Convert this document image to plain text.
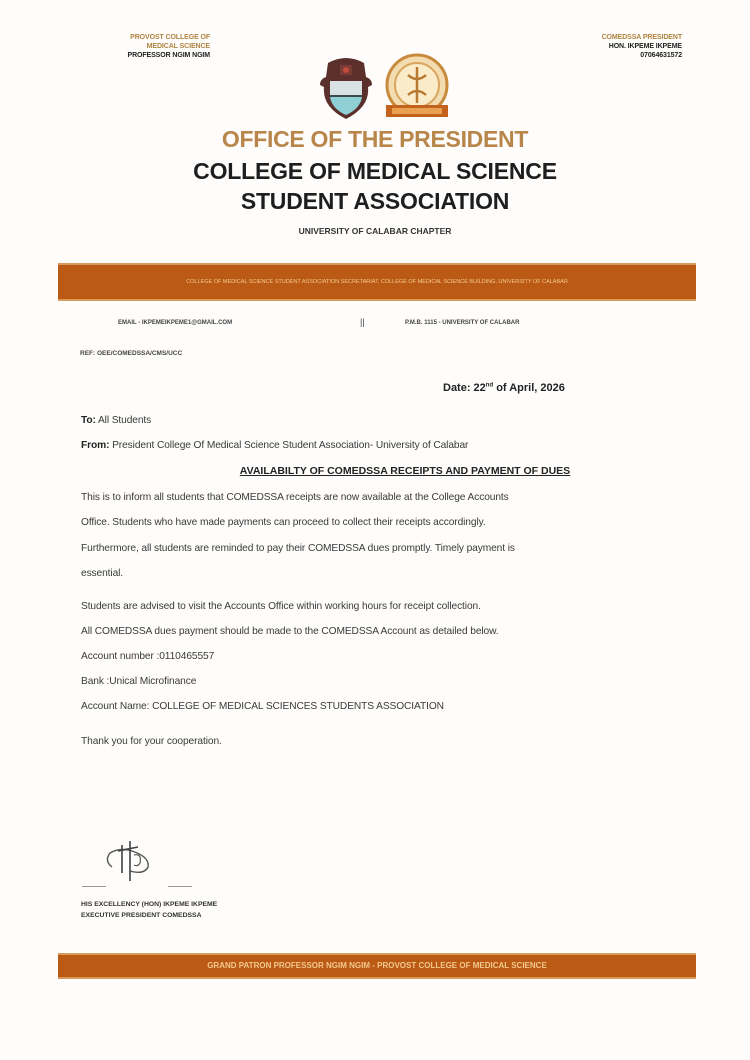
PROVOST COLLEGE OF
MEDICAL SCIENCE
PROFESSOR NGIM NGIM
COMEDSSA PRESIDENT
HON. IKPEME IKPEME
07064631572
OFFICE OF THE PRESIDENT
COLLEGE OF MEDICAL SCIENCE
STUDENT ASSOCIATION
UNIVERSITY OF CALABAR CHAPTER
COLLEGE OF MEDICAL SCIENCE STUDENT ASSOCIATION SECRETARIAT, COLLEGE OF MEDICAL SCIENCE BUILDING, UNIVERSITY OF CALABAR
EMAIL - IKPEMEIKPEME1@GMAIL.COM	||	P.M.B. 1115 - UNIVERSITY OF CALABAR
REF: OEE/COMEDSSA/CMS/UCC
Date: 22nd of April, 2026
To: All Students
From: President College Of Medical Science Student Association- University of Calabar
AVAILABILTY OF COMEDSSA RECEIPTS AND PAYMENT OF DUES
This is to inform all students that COMEDSSA receipts are now available at the College Accounts
Office. Students who have made payments can proceed to collect their receipts accordingly.
Furthermore, all students are reminded to pay their COMEDSSA dues promptly. Timely payment is
essential.
Students are advised to visit the Accounts Office within working hours for receipt collection.
All COMEDSSA dues payment should be made to the COMEDSSA Account as detailed below.
Account number :0110465557
Bank :Unical Microfinance
Account Name: COLLEGE OF MEDICAL SCIENCES STUDENTS ASSOCIATION
Thank you for your cooperation.
HIS EXCELLENCY (HON) IKPEME IKPEME
EXECUTIVE PRESIDENT COMEDSSA
GRAND PATRON PROFESSOR NGIM NGIM - PROVOST COLLEGE OF MEDICAL SCIENCE
